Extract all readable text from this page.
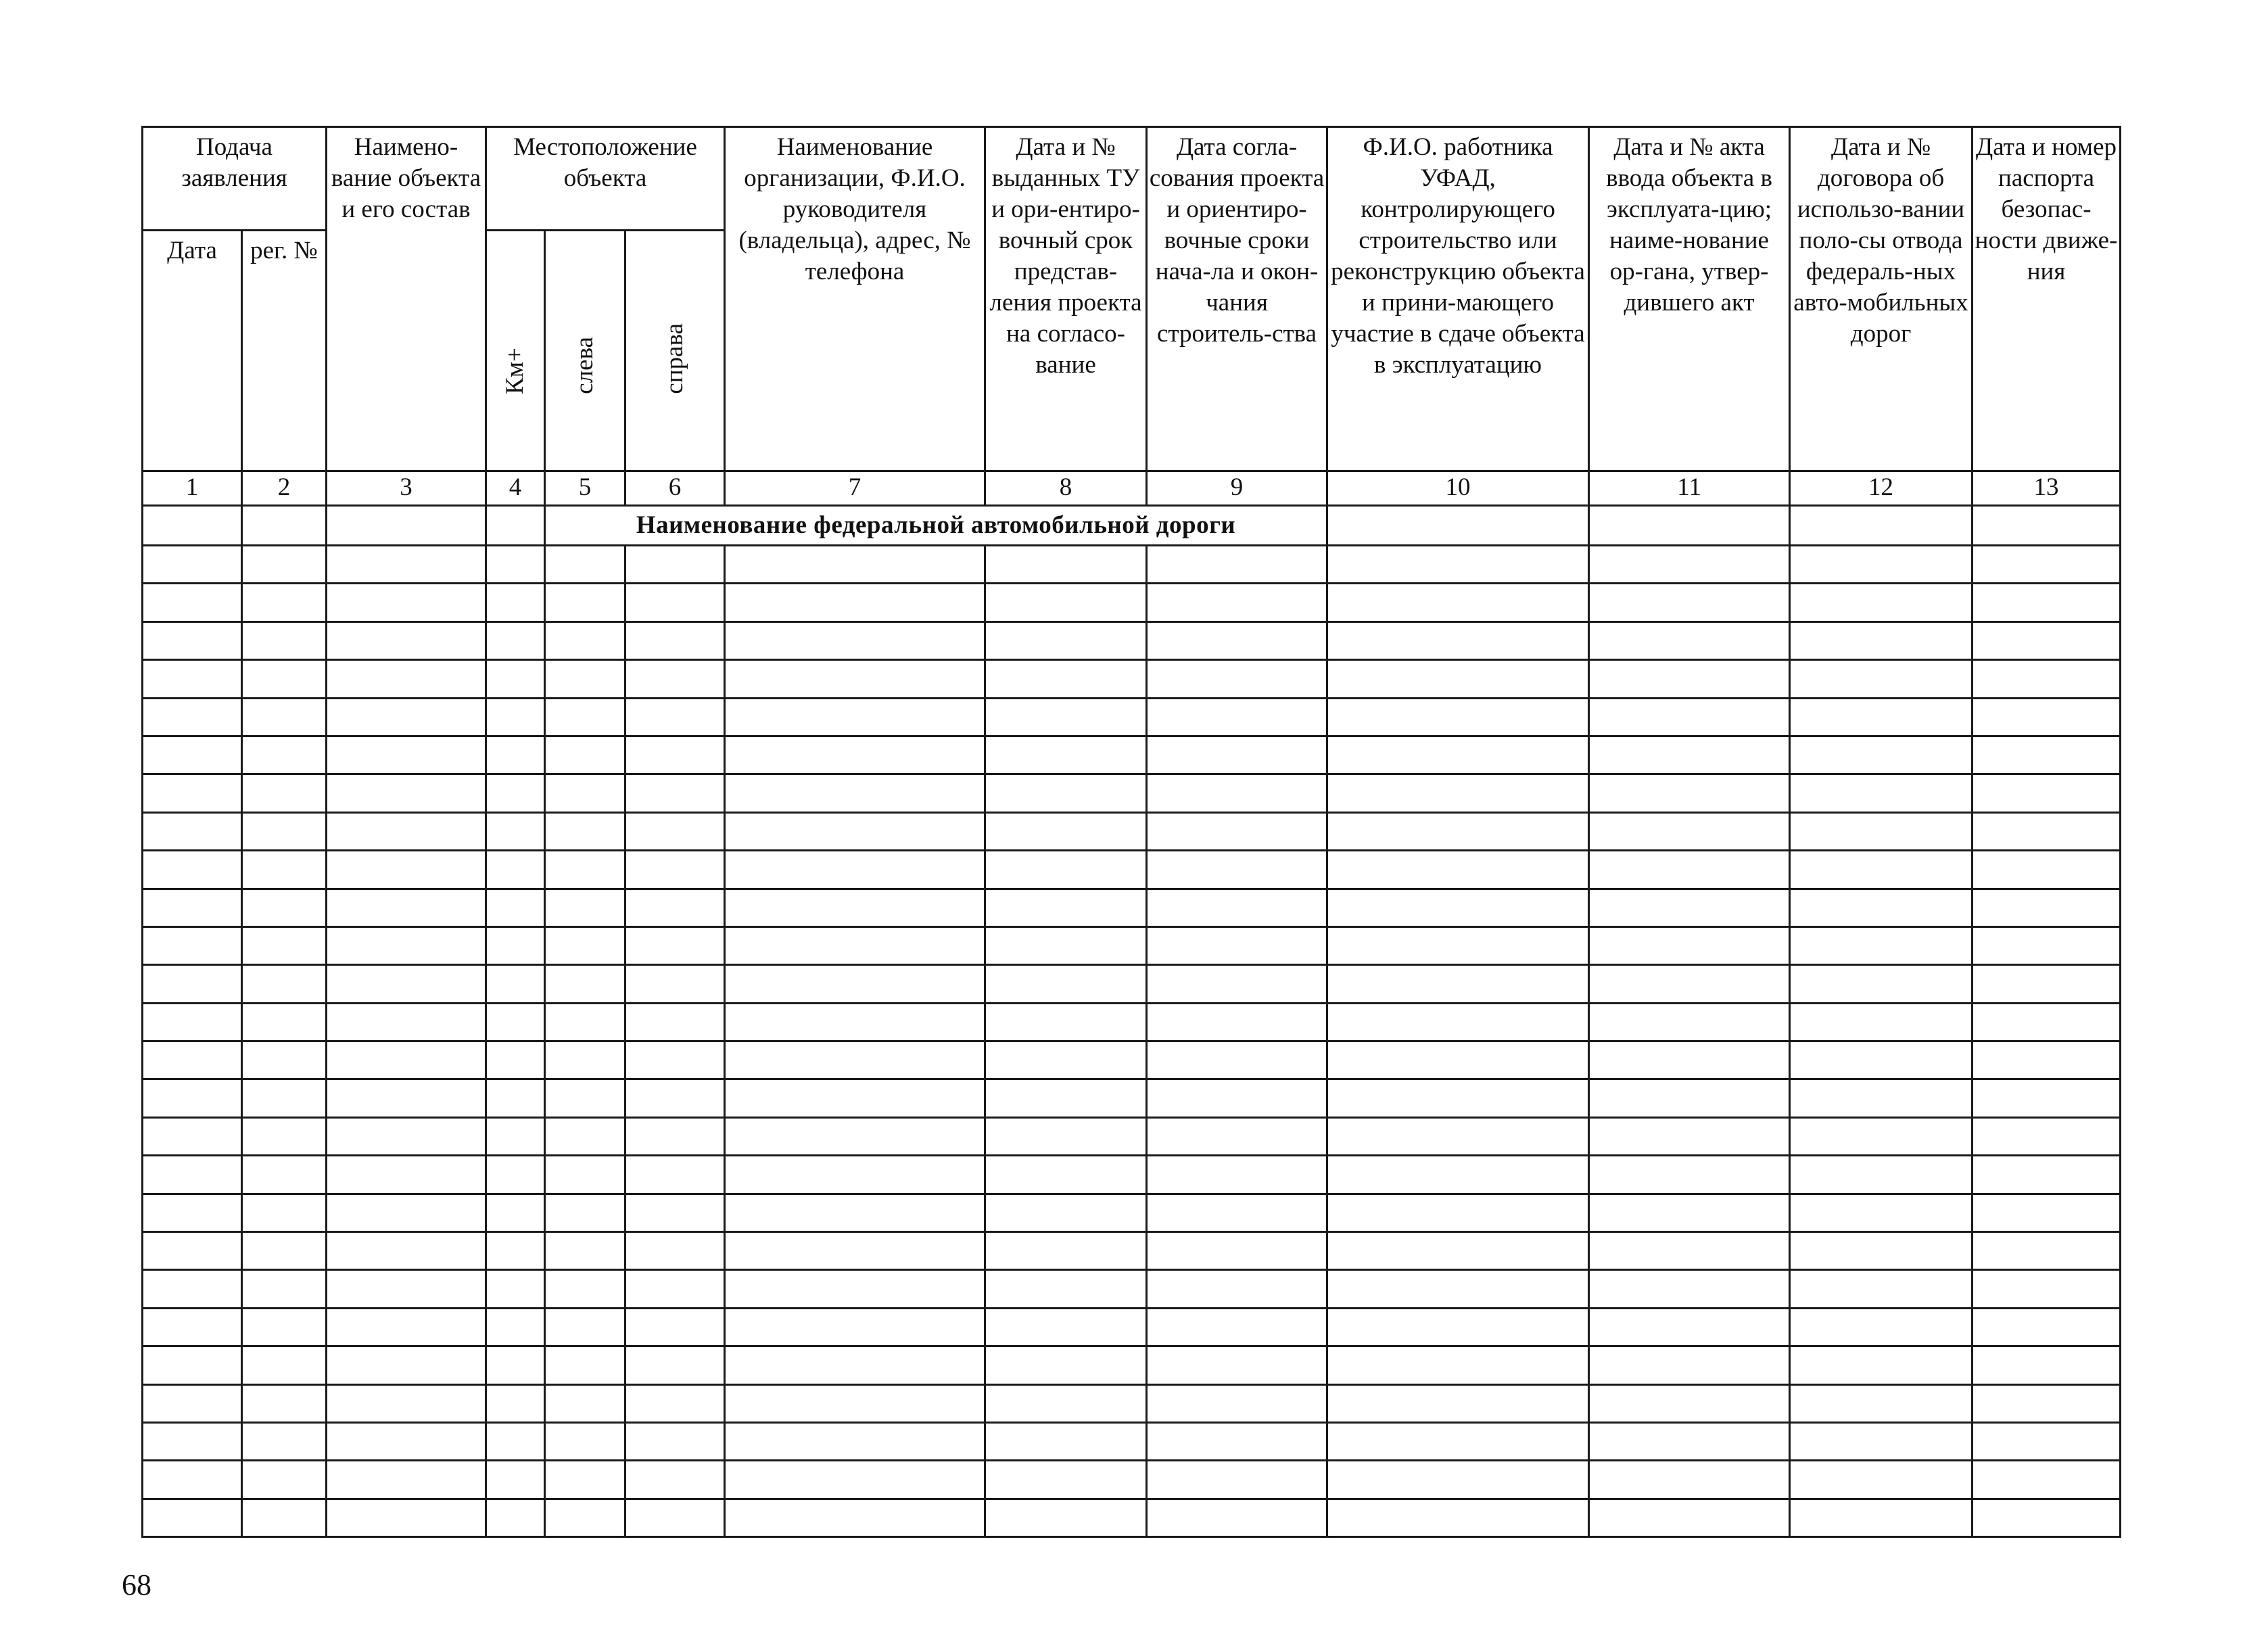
Подача заявления		Наимено-вание объекта и его состав	Местоположение объекта			Наименование организации, Ф.И.О. руководителя (владельца), адрес, № телефона	Дата и № выданных ТУ и ори-ентиро-вочный срок представ-ления проекта на согласо-вание	Дата согла-сования проекта и ориентиро-вочные сроки нача-ла и окон-чания строитель-ства	Ф.И.О. работника УФАД, контролирующего строительство или реконструкцию объекта и прини-мающего участие в сдаче объекта в эксплуатацию	Дата и № акта ввода объекта в эксплуата-цию; наиме-нование ор-гана, утвер-дившего акт	Дата и № договора об использо-вании поло-сы отвода федераль-ных авто-мобильных дорог	Дата и номер паспорта безопас-ности движе-ния
Дата	рег. №		Км+	слева	справа							
1	2	3	4	5	6	7	8	9	10	11	12	13
				Наименование федеральной автомобильной дороги								

68
